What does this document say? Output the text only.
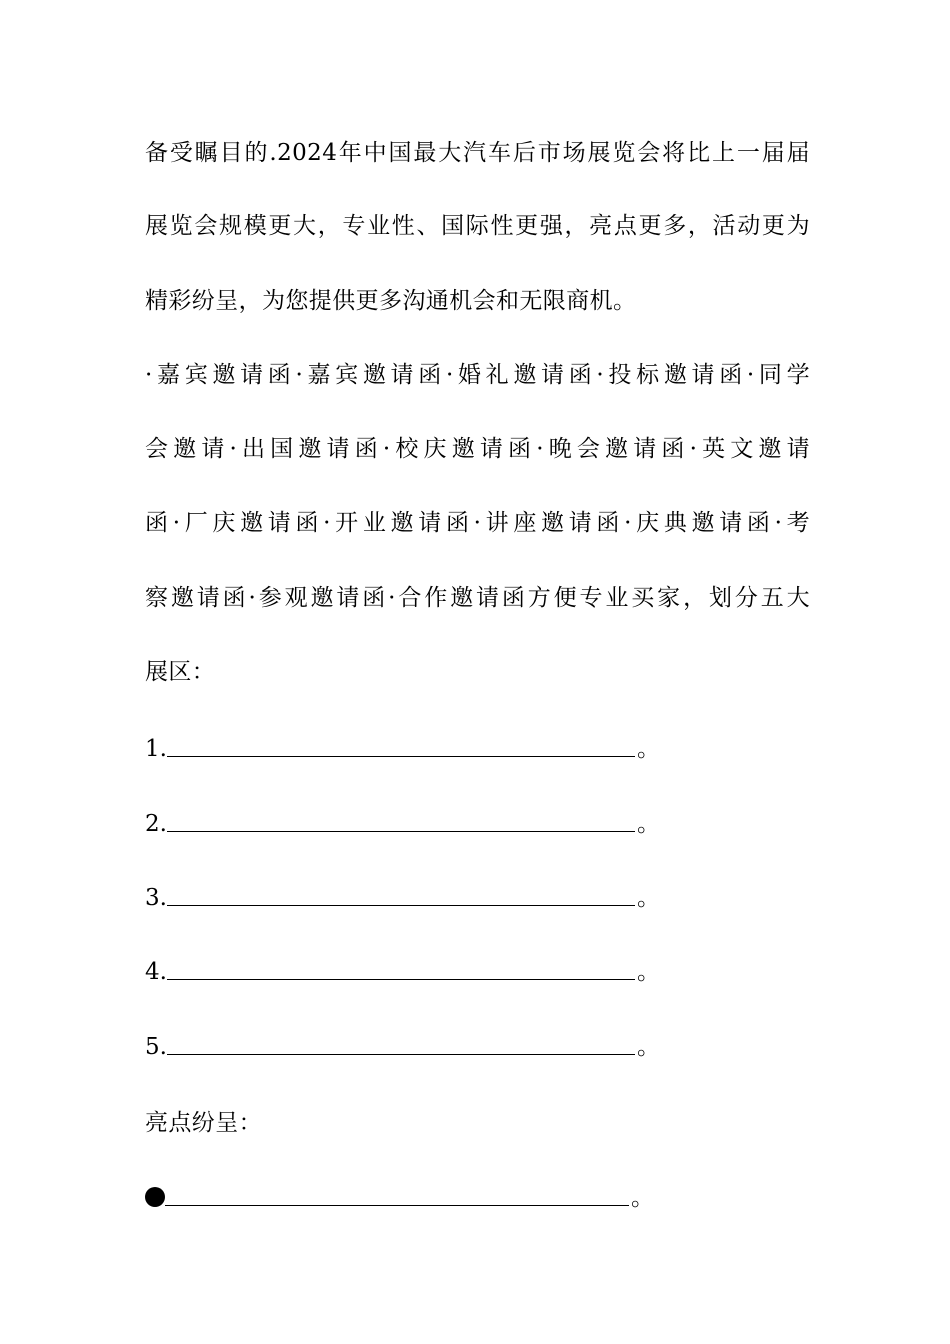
备受瞩目的.2024年中国最大汽车后市场展览会将比上一届届
展览会规模更大，专业性、国际性更强，亮点更多，活动更为
精彩纷呈，为您提供更多沟通机会和无限商机。
·嘉宾邀请函·嘉宾邀请函·婚礼邀请函·投标邀请函·同学
会邀请·出国邀请函·校庆邀请函·晚会邀请函·英文邀请
函·厂庆邀请函·开业邀请函·讲座邀请函·庆典邀请函·考
察邀请函·参观邀请函·合作邀请函方便专业买家，划分五大
展区：
1.	。
2.	。
3.	。
4.	。
5.	。
亮点纷呈：
。
